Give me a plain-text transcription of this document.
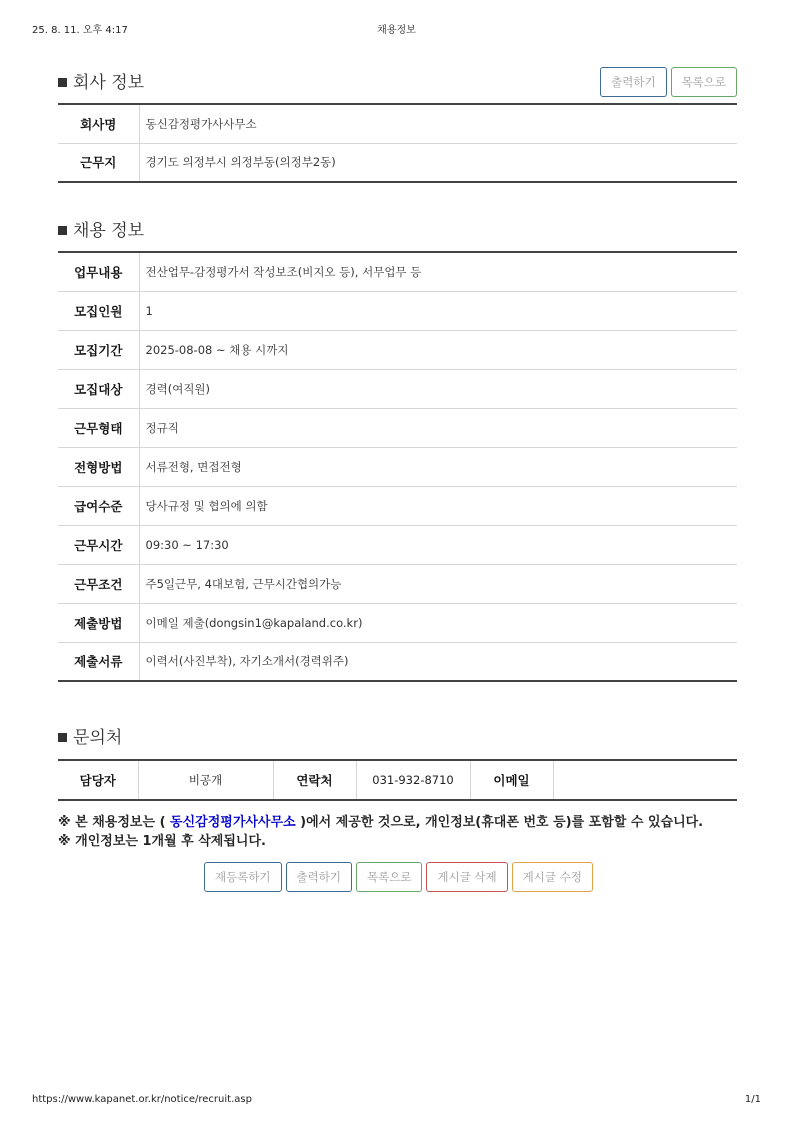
25. 8. 11. 오후 4:17	채용정보
회사 정보	출력하기	목록으로
회사명	동신감정평가사사무소
근무지	경기도 의정부시 의정부동(의정부2동)
채용 정보
업무내용	전산업무-감정평가서 작성보조(비지오 등), 서무업무 등
모집인원	1
모집기간	2025-08-08 ~ 채용 시까지
모집대상	경력(여직원)
근무형태	정규직
전형방법	서류전형, 면접전형
급여수준	당사규정 및 협의에 의함
근무시간	09:30 ~ 17:30
근무조건	주5일근무, 4대보험, 근무시간협의가능
제출방법	이메일 제출(dongsin1@kapaland.co.kr)
제출서류	이력서(사진부착), 자기소개서(경력위주)
문의처
담당자	비공개	연락처	031-932-8710	이메일	
※ 본 채용정보는 ( 동신감정평가사사무소 )에서 제공한 것으로, 개인정보(휴대폰 번호 등)를 포함할 수 있습니다.
※ 개인정보는 1개월 후 삭제됩니다.
재등록하기	출력하기	목록으로	게시글 삭제	게시글 수정
https://www.kapanet.or.kr/notice/recruit.asp	1/1
